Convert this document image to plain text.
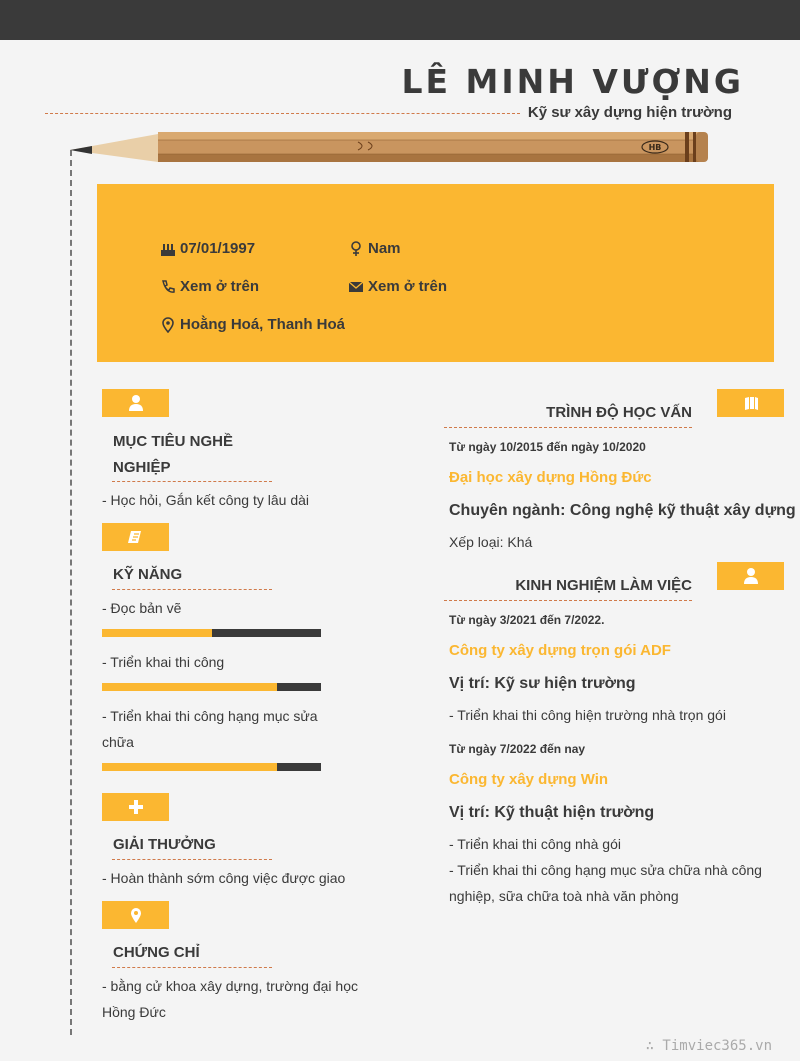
LÊ MINH VƯỢNG
Kỹ sư xây dựng hiện trường
HB
07/01/1997	Nam
Xem ở trên	Xem ở trên
Hoằng Hoá, Thanh Hoá
MỤC TIÊU NGHỀ
NGHIỆP
- Học hỏi, Gắn kết công ty lâu dài
KỸ NĂNG
- Đọc bản vẽ
- Triển khai thi công
- Triển khai thi công hạng mục sửa
chữa
GIẢI THƯỞNG
- Hoàn thành sớm công việc được giao
CHỨNG CHỈ
- bằng cử khoa xây dựng, trường đại học
Hồng Đức
TRÌNH ĐỘ HỌC VẤN
Từ ngày 10/2015 đến ngày 10/2020
Đại học xây dựng Hồng Đức
Chuyên ngành: Công nghệ kỹ thuật xây dựng
Xếp loại: Khá
KINH NGHIỆM LÀM VIỆC
Từ ngày 3/2021 đến 7/2022.
Công ty xây dựng trọn gói ADF
Vị trí: Kỹ sư hiện trường
- Triển khai thi công hiện trường nhà trọn gói
Từ ngày 7/2022 đến nay
Công ty xây dựng Win
Vị trí: Kỹ thuật hiện trường
- Triển khai thi công nhà gói
- Triển khai thi công hạng mục sửa chữa nhà công
nghiệp, sữa chữa toà nhà văn phòng
∴ Timviec365.vn
